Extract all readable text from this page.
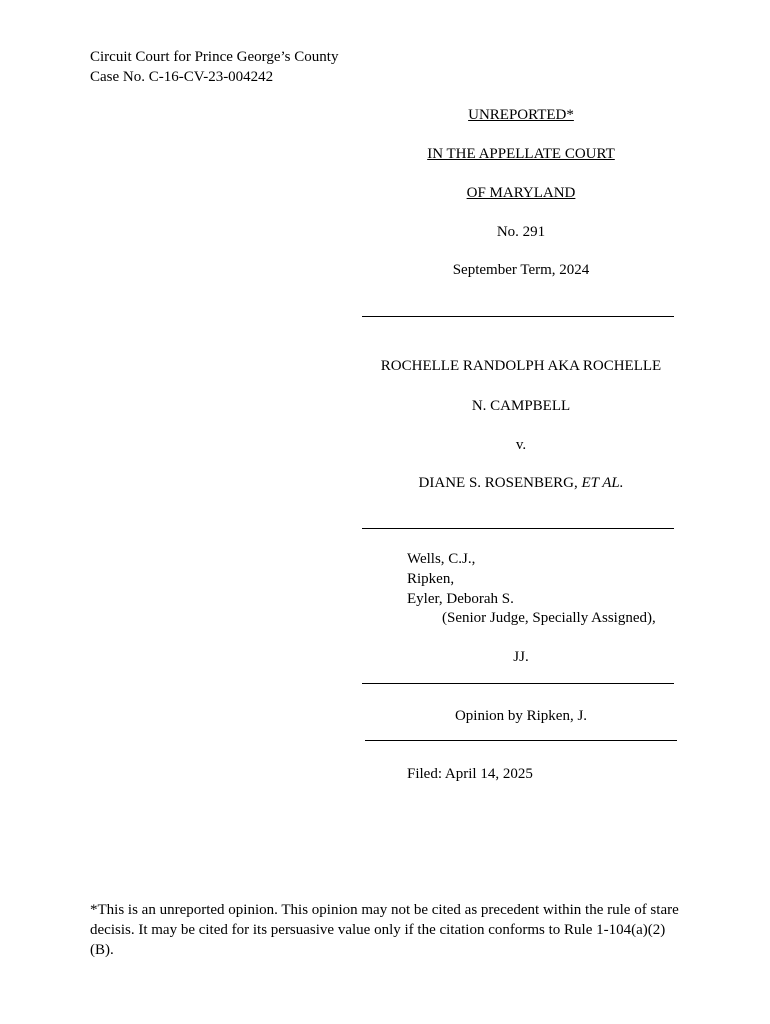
Circuit Court for Prince George’s County
Case No. C-16-CV-23-004242
UNREPORTED*
IN THE APPELLATE COURT
OF MARYLAND
No. 291
September Term, 2024
ROCHELLE RANDOLPH AKA ROCHELLE
N. CAMPBELL
v.
DIANE S. ROSENBERG, ET AL.
Wells, C.J.,
Ripken,
Eyler, Deborah S.
(Senior Judge, Specially Assigned),
JJ.
Opinion by Ripken, J.
Filed: April 14, 2025
*This is an unreported opinion. This opinion may not be cited as precedent within the rule of stare decisis. It may be cited for its persuasive value only if the citation conforms to Rule 1-104(a)(2)(B).
